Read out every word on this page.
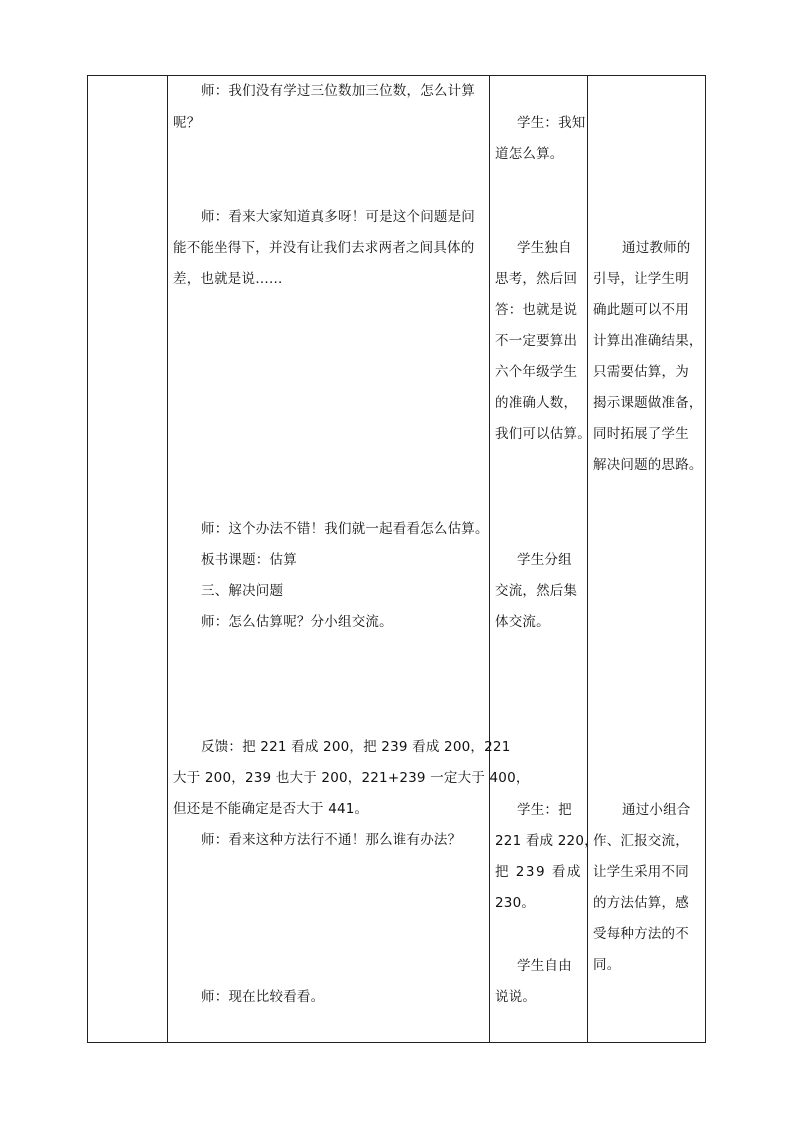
师：我们没有学过三位数加三位数，怎么计算
呢？
师：看来大家知道真多呀！可是这个问题是问
能不能坐得下，并没有让我们去求两者之间具体的
差，也就是说……
师：这个办法不错！我们就一起看看怎么估算。
板书课题：估算
三、解决问题
师：怎么估算呢？分小组交流。
反馈：把 221 看成 200，把 239 看成 200，221
大于 200，239 也大于 200，221+239 一定大于 400，
但还是不能确定是否大于 441。
师：看来这种方法行不通！那么谁有办法？
师：现在比较看看。
学生：我知
道怎么算。
学生独自
思考，然后回
答：也就是说
不一定要算出
六个年级学生
的准确人数，
我们可以估算。
学生分组
交流，然后集
体交流。
学生：把
221 看成 220，
把 239 看成
230。
学生自由
说说。
通过教师的
引导，让学生明
确此题可以不用
计算出准确结果，
只需要估算，为
揭示课题做准备，
同时拓展了学生
解决问题的思路。
通过小组合
作、汇报交流，
让学生采用不同
的方法估算，感
受每种方法的不
同。
